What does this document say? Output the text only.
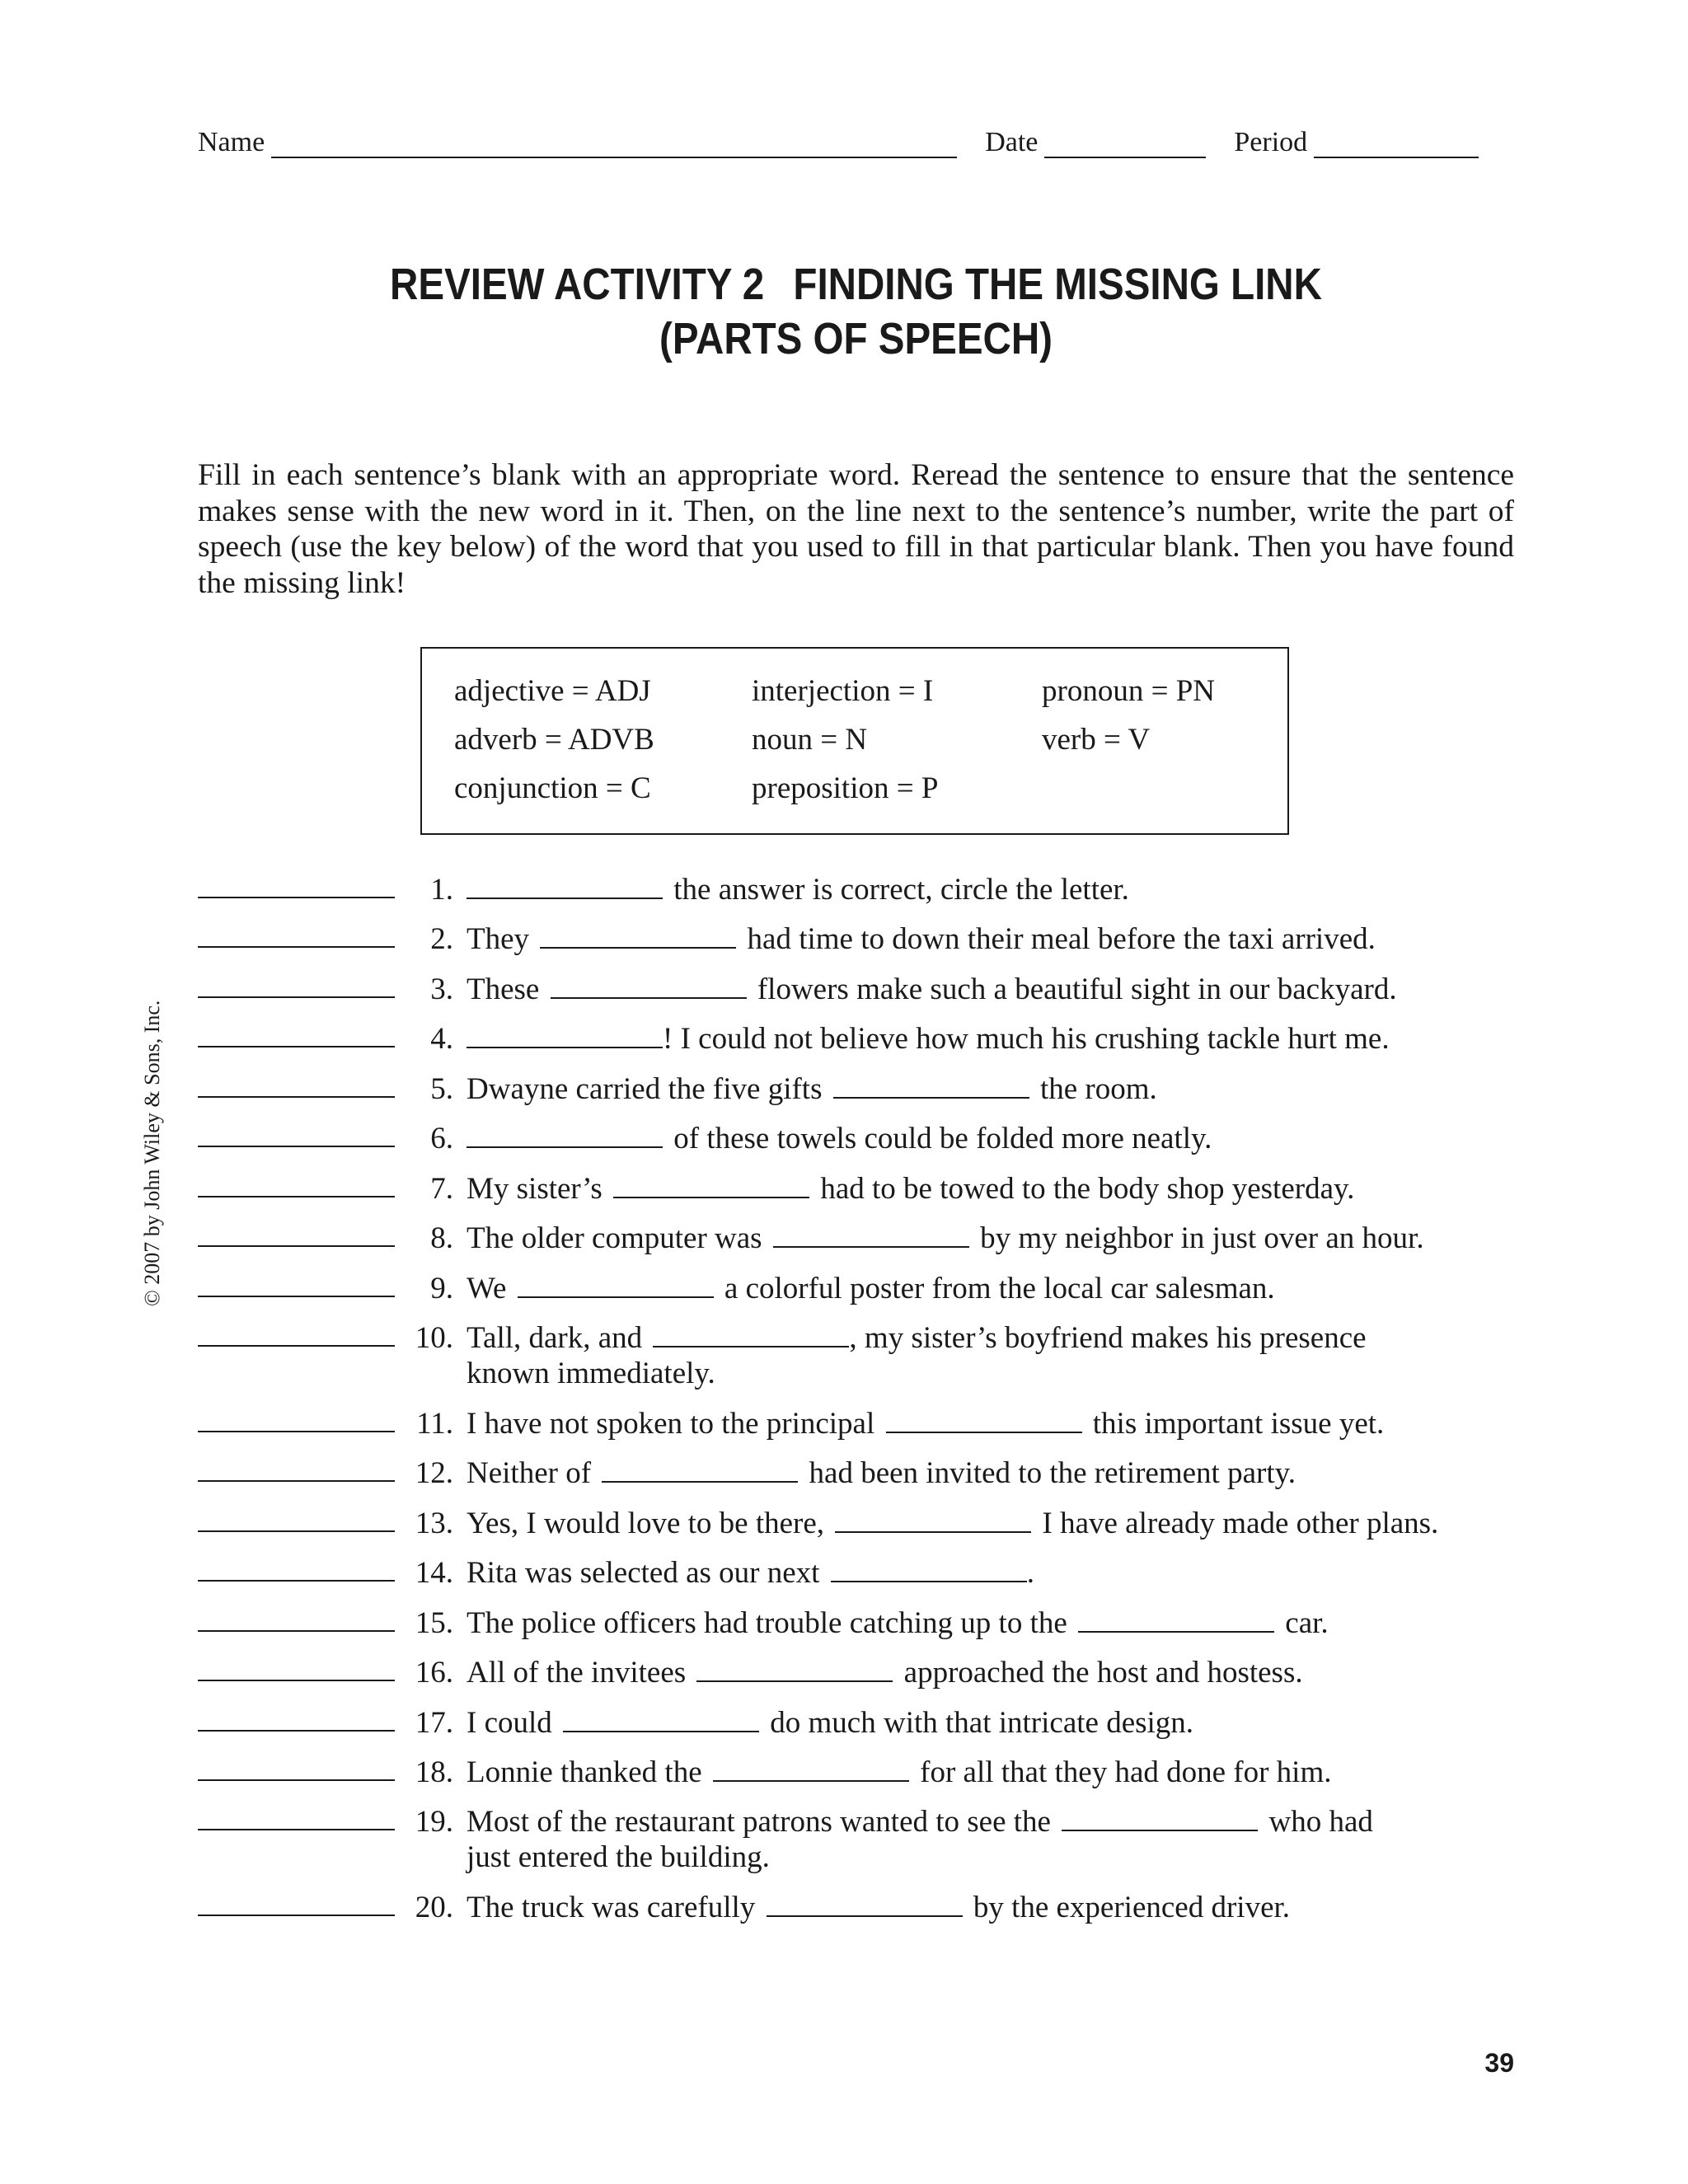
Name	Date	Period
REVIEW ACTIVITY 2 FINDING THE MISSING LINK
(PARTS OF SPEECH)
Fill in each sentence’s blank with an appropriate word. Reread the sentence to ensure that the sentence makes sense with the new word in it. Then, on the line next to the sentence’s number, write the part of speech (use the key below) of the word that you used to fill in that particular blank. Then you have found the missing link!
adjective = ADJ	interjection = I	pronoun = PN
adverb = ADVB	noun = N	verb = V
conjunction = C	preposition = P
1.	the answer is correct, circle the letter.
2. They	had time to down their meal before the taxi arrived.
3. These	flowers make such a beautiful sight in our backyard.
4.	! I could not believe how much his crushing tackle hurt me.
5. Dwayne carried the five gifts	the room.
6.	of these towels could be folded more neatly.
7. My sister’s	had to be towed to the body shop yesterday.
8. The older computer was	by my neighbor in just over an hour.
9. We	a colorful poster from the local car salesman.
10. Tall, dark, and	, my sister’s boyfriend makes his presence
known immediately.
11. I have not spoken to the principal	this important issue yet.
12. Neither of	had been invited to the retirement party.
13. Yes, I would love to be there,	I have already made other plans.
14. Rita was selected as our next	.
15. The police officers had trouble catching up to the	car.
16. All of the invitees	approached the host and hostess.
17. I could	do much with that intricate design.
18. Lonnie thanked the	for all that they had done for him.
19. Most of the restaurant patrons wanted to see the	who had
just entered the building.
20. The truck was carefully	by the experienced driver.
© 2007 by John Wiley & Sons, Inc.
39
